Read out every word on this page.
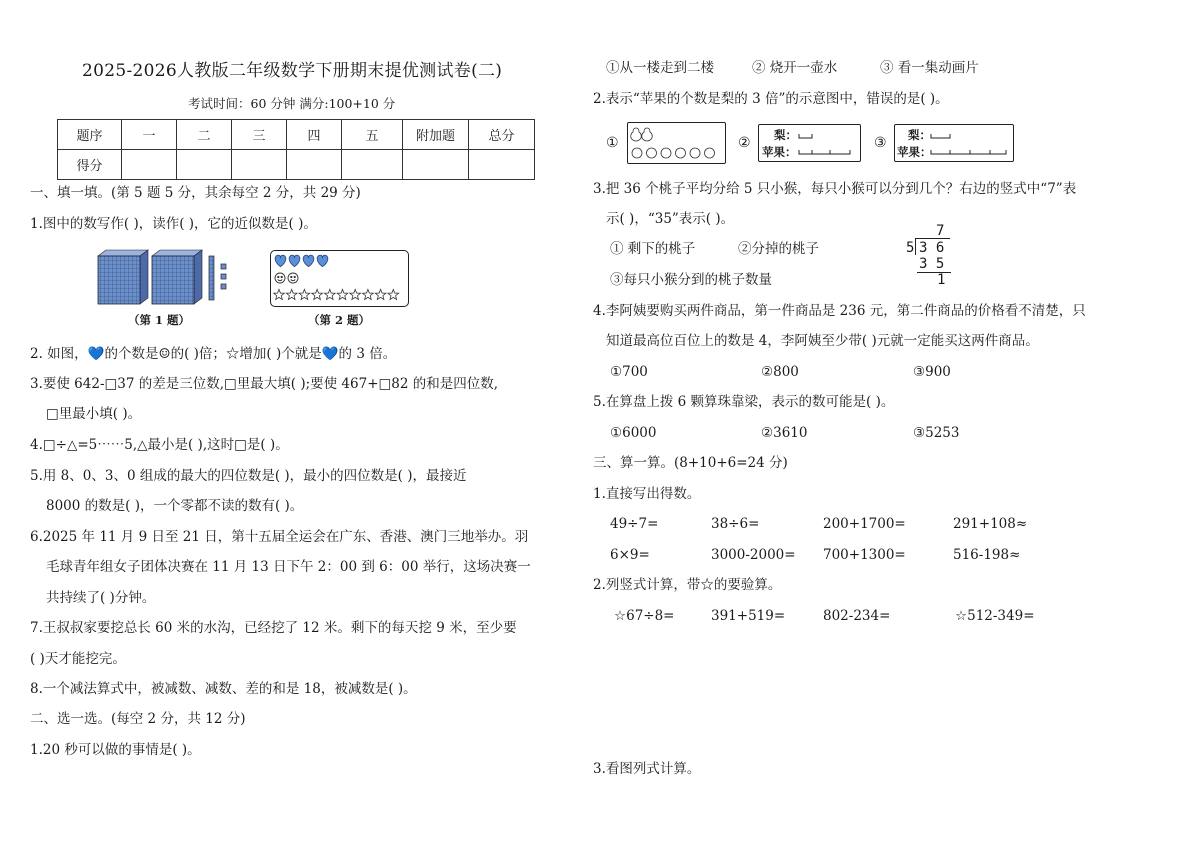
2025-2026人教版二年级数学下册期末提优测试卷(二)
考试时间：60 分钟 满分:100+10 分
题序	一	二	三	四	五	附加题	总分
得分							
一、填一填。(第 5 题 5 分，其余每空 2 分，共 29 分)
1.图中的数写作( )，读作( )，它的近似数是( )。
（第 1 题）	（第 2 题）
2. 如图，💙的个数是☺的( )倍；☆增加( )个就是💙的 3 倍。
3.要使 642-□37 的差是三位数,□里最大填( );要使 467+□82 的和是四位数,
□里最小填( )。
4.□÷△=5⋯⋯5,△最小是( ),这时□是( )。
5.用 8、0、3、0 组成的最大的四位数是( )，最小的四位数是( )，最接近
8000 的数是( )，一个零都不读的数有( )。
6.2025 年 11 月 9 日至 21 日，第十五届全运会在广东、香港、澳门三地举办。羽
毛球青年组女子团体决赛在 11 月 13 日下午 2：00 到 6：00 举行，这场决赛一
共持续了( )分钟。
7.王叔叔家要挖总长 60 米的水沟，已经挖了 12 米。剩下的每天挖 9 米，至少要
( )天才能挖完。
8.一个减法算式中，被减数、减数、差的和是 18，被减数是( )。
二、选一选。(每空 2 分，共 12 分)
1.20 秒可以做的事情是( )。
①从一楼走到二楼	② 烧开一壶水	③ 看一集动画片
2.表示“苹果的个数是梨的 3 倍”的示意图中，错误的是( )。
①	② 梨：
苹果：
③ 梨：
苹果：
3.把 36 个桃子平均分给 5 只小猴，每只小猴可以分到几个？右边的竖式中“7”表
示( )，“35”表示( )。
① 剩下的桃子	②分掉的桃子
③每只小猴分到的桃子数量
7
5 3 6
3 5
1
4.李阿姨要购买两件商品，第一件商品是 236 元，第二件商品的价格看不清楚，只
知道最高位百位上的数是 4，李阿姨至少带( )元就一定能买这两件商品。
①700	②800	③900
5.在算盘上拨 6 颗算珠靠梁，表示的数可能是( )。
①6000	②3610	③5253
三、算一算。(8+10+6=24 分)
1.直接写出得数。
49÷7=	38÷6=	200+1700=	291+108≈
6×9=	3000-2000= 700+1300=	516-198≈
2.列竖式计算，带☆的要验算。
☆67÷8=	391+519=	802-234=	☆512-349=
3.看图列式计算。
